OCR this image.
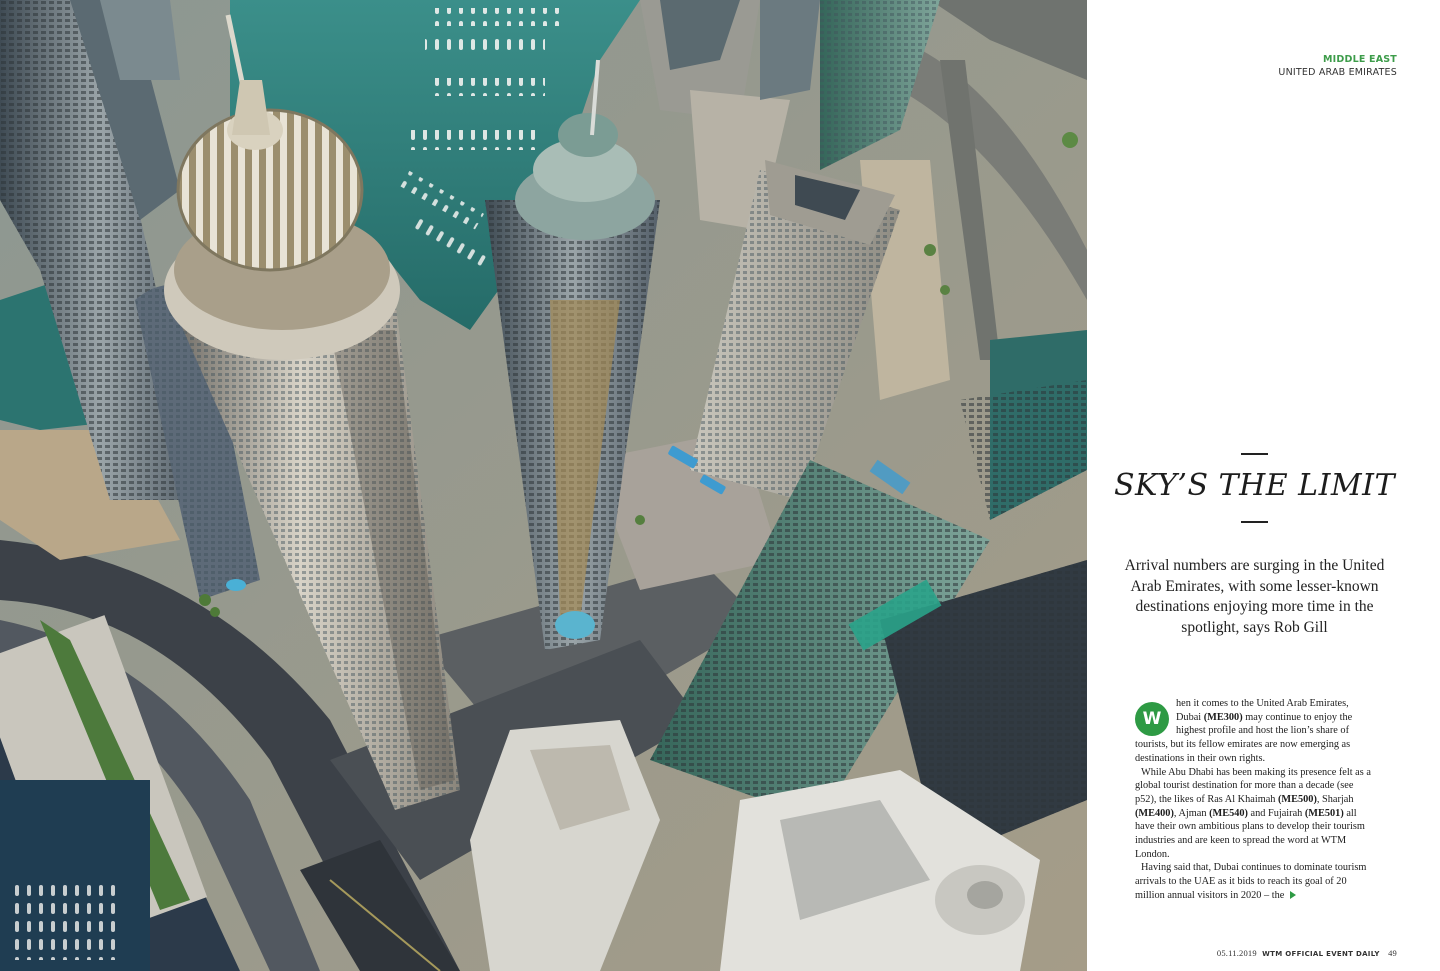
MIDDLE EAST
UNITED ARAB EMIRATES
SKY’S THE LIMIT

Arrival numbers are surging in the United Arab Emirates, with some lesser-known destinations enjoying more time in the spotlight, says Rob Gill

W
hen it comes to the United Arab Emirates, Dubai (ME300) may continue to enjoy the highest profile and host the lion’s share of tourists, but its fellow emirates are now emerging as destinations in their own rights.

While Abu Dhabi has been making its presence felt as a global tourist destination for more than a decade (see p52), the likes of Ras Al Khaimah (ME500), Sharjah (ME400), Ajman (ME540) and Fujairah (ME501) all have their own ambitious plans to develop their tourism industries and are keen to spread the word at WTM London.

Having said that, Dubai continues to dominate tourism arrivals to the UAE as it bids to reach its goal of 20 million annual visitors in 2020 – the

05.11.2019 WTM OFFICIAL EVENT DAILY 49
